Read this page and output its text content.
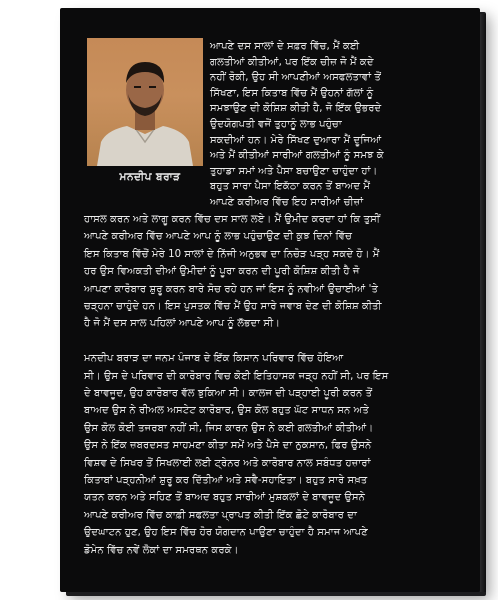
ਮਨਦੀਪ ਬਰਾੜ
ਆਪਣੇ ਦਸ ਸਾਲਾਂ ਦੇ ਸਫ਼ਰ ਵਿੱਚ, ਮੈਂ ਕਈ
ਗਲਤੀਆਂ ਕੀਤੀਆਂ, ਪਰ ਇੱਕ ਚੀਜ਼ ਜੋ ਮੈਂ ਕਦੇ
ਨਹੀਂ ਰੋਕੀ, ਉਹ ਸੀ ਆਪਣੀਆਂ ਅਸਫਲਤਾਵਾਂ ਤੋਂ
ਸਿੱਖਣਾ, ਇਸ ਕਿਤਾਬ ਵਿੱਚ ਮੈਂ ਉਹਨਾਂ ਗੱਲਾਂ ਨੂੰ
ਸਮਝਾਉਣ ਦੀ ਕੋਸ਼ਿਸ਼ ਕੀਤੀ ਹੈ, ਜੋ ਇੱਕ ਉਭਰਦੇ
ਉਦਯੋਗਪਤੀ ਵਜੋਂ ਤੁਹਾਨੂੰ ਲਾਭ ਪਹੁੰਚਾ
ਸਕਦੀਆਂ ਹਨ। ਮੇਰੇ ਸਿੱਖਣ ਦੁਆਰਾ ਮੈਂ ਦੂਜਿਆਂ
ਅਤੇ ਮੈਂ ਕੀਤੀਆਂ ਸਾਰੀਆਂ ਗਲਤੀਆਂ ਨੂੰ ਸਮਝ ਕੇ
ਤੁਹਾਡਾ ਸਮਾਂ ਅਤੇ ਪੈਸਾ ਬਚਾਉਣਾ ਚਾਹੁੰਦਾ ਹਾਂ।
ਬਹੁਤ ਸਾਰਾ ਪੈਸਾ ਇਕੱਠਾ ਕਰਨ ਤੋਂ ਬਾਅਦ ਮੈਂ
ਆਪਣੇ ਕਰੀਅਰ ਵਿੱਚ ਇਹ ਸਾਰੀਆਂ ਚੀਜ਼ਾਂ
ਹਾਸਲ ਕਰਨ ਅਤੇ ਲਾਗੂ ਕਰਨ ਵਿੱਚ ਦਸ ਸਾਲ ਲਏ। ਮੈਂ ਉਮੀਦ ਕਰਦਾ ਹਾਂ ਕਿ ਤੁਸੀਂ
ਆਪਣੇ ਕਰੀਅਰ ਵਿੱਚ ਆਪਣੇ ਆਪ ਨੂੰ ਲਾਭ ਪਹੁੰਚਾਉਣ ਦੀ ਕੁਝ ਦਿਨਾਂ ਵਿੱਚ
ਇਸ ਕਿਤਾਬ ਵਿੱਚੋਂ ਮੇਰੇ 10 ਸਾਲਾਂ ਦੇ ਨਿੱਜੀ ਅਨੁਭਵ ਦਾ ਨਿਚੋੜ ਪੜ੍ਹ ਸਕਦੇ ਹੋ। ਮੈਂ
ਹਰ ਉਸ ਵਿਅਕਤੀ ਦੀਆਂ ਉਮੀਦਾਂ ਨੂੰ ਪੂਰਾ ਕਰਨ ਦੀ ਪੂਰੀ ਕੋਸ਼ਿਸ਼ ਕੀਤੀ ਹੈ ਜੋ
ਆਪਣਾ ਕਾਰੋਬਾਰ ਸ਼ੁਰੂ ਕਰਨ ਬਾਰੇ ਸੋਚ ਰਹੇ ਹਨ ਜਾਂ ਇਸ ਨੂੰ ਨਵੀਆਂ ਉਚਾਈਆਂ 'ਤੇ
ਚੜ੍ਹਨਾ ਚਾਹੁੰਦੇ ਹਨ। ਇਸ ਪੁਸਤਕ ਵਿੱਚ ਮੈਂ ਉਹ ਸਾਰੇ ਜਵਾਬ ਦੇਣ ਦੀ ਕੋਸ਼ਿਸ਼ ਕੀਤੀ
ਹੈ ਜੋ ਮੈਂ ਦਸ ਸਾਲ ਪਹਿਲਾਂ ਆਪਣੇ ਆਪ ਨੂੰ ਲੱਭਦਾ ਸੀ।
ਮਨਦੀਪ ਬਰਾੜ ਦਾ ਜਨਮ ਪੰਜਾਬ ਦੇ ਇੱਕ ਕਿਸਾਨ ਪਰਿਵਾਰ ਵਿੱਚ ਹੋਇਆ
ਸੀ। ਉਸ ਦੇ ਪਰਿਵਾਰ ਦੀ ਕਾਰੋਬਾਰ ਵਿਚ ਕੋਈ ਇਤਿਹਾਸਕ ਜੜ੍ਹ ਨਹੀਂ ਸੀ, ਪਰ ਇਸ
ਦੇ ਬਾਵਜੂਦ, ਉਹ ਕਾਰੋਬਾਰ ਵੱਲ ਝੁਕਿਆ ਸੀ। ਕਾਲਜ ਦੀ ਪੜ੍ਹਾਈ ਪੂਰੀ ਕਰਨ ਤੋਂ
ਬਾਅਦ ਉਸ ਨੇ ਰੀਅਲ ਅਸਟੇਟ ਕਾਰੋਬਾਰ, ਉਸ ਕੋਲ ਬਹੁਤ ਘੱਟ ਸਾਧਨ ਸਨ ਅਤੇ
ਉਸ ਕੋਲ ਕੋਈ ਤਜਰਬਾ ਨਹੀਂ ਸੀ, ਜਿਸ ਕਾਰਨ ਉਸ ਨੇ ਕਈ ਗਲਤੀਆਂ ਕੀਤੀਆਂ।
ਉਸ ਨੇ ਇੱਕ ਜ਼ਬਰਦਸਤ ਸਾਹਮਣਾ ਕੀਤਾ ਸਮੇਂ ਅਤੇ ਪੈਸੇ ਦਾ ਨੁਕਸਾਨ, ਫਿਰ ਉਸਨੇ
ਵਿਸ਼ਵ ਦੇ ਸਿਖਰ ਤੋਂ ਸਿਖਲਾਈ ਲਈ ਟ੍ਰੇਨਰ ਅਤੇ ਕਾਰੋਬਾਰ ਨਾਲ ਸਬੰਧਤ ਹਜ਼ਾਰਾਂ
ਕਿਤਾਬਾਂ ਪੜ੍ਹਨੀਆਂ ਸ਼ੁਰੂ ਕਰ ਦਿੱਤੀਆਂ ਅਤੇ ਸਵੈ-ਸਹਾਇਤਾ। ਬਹੁਤ ਸਾਰੇ ਸਖ਼ਤ
ਯਤਨ ਕਰਨ ਅਤੇ ਸਹਿਣ ਤੋਂ ਬਾਅਦ ਬਹੁਤ ਸਾਰੀਆਂ ਮੁਸ਼ਕਲਾਂ ਦੇ ਬਾਵਜੂਦ ਉਸਨੇ
ਆਪਣੇ ਕਰੀਅਰ ਵਿੱਚ ਕਾਫ਼ੀ ਸਫਲਤਾ ਪ੍ਰਾਪਤ ਕੀਤੀ ਇੱਕ ਛੋਟੇ ਕਾਰੋਬਾਰ ਦਾ
ਉਦਘਾਟਨ ਹੁਣ, ਉਹ ਇਸ ਵਿੱਚ ਹੋਰ ਯੋਗਦਾਨ ਪਾਉਣਾ ਚਾਹੁੰਦਾ ਹੈ ਸਮਾਜ ਆਪਣੇ
ਡੋਮੇਨ ਵਿੱਚ ਨਵੇਂ ਲੋਕਾਂ ਦਾ ਸਮਰਥਨ ਕਰਕੇ।
